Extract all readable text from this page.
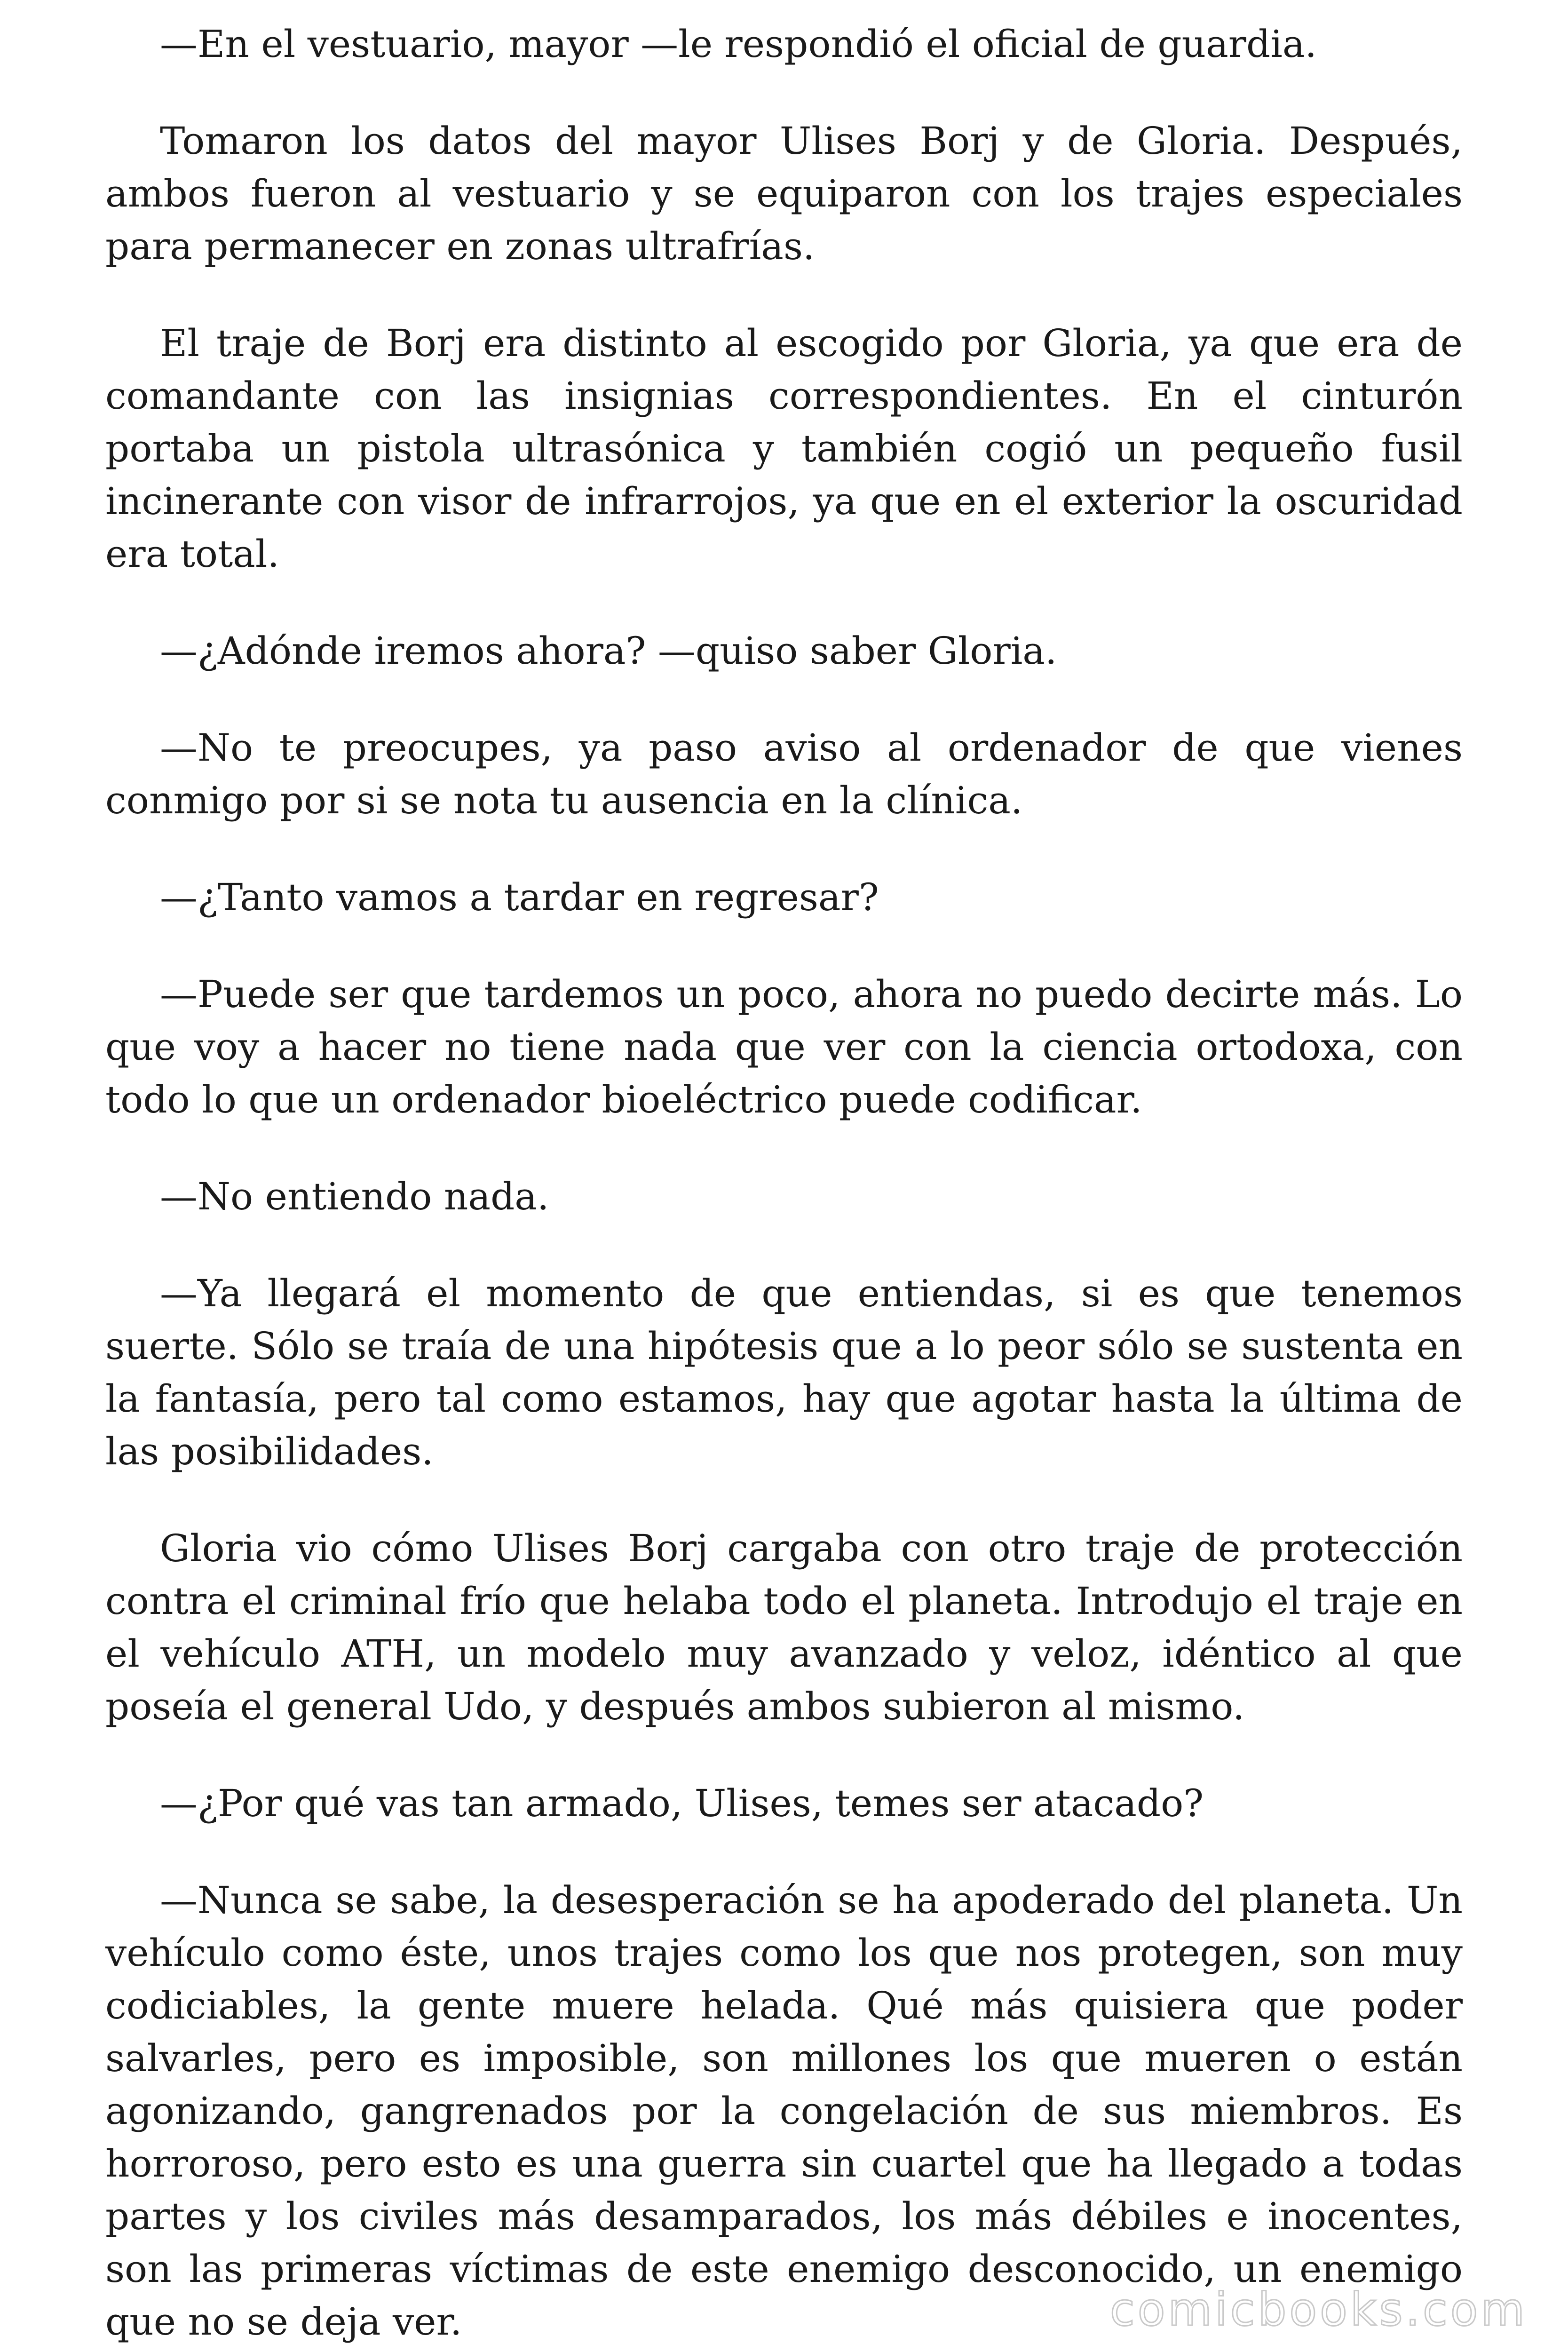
—En el vestuario, mayor —le respondió el oficial de guardia.

Tomaron los datos del mayor Ulises Borj y de Gloria. Después, ambos fueron al vestuario y se equiparon con los trajes especiales para permanecer en zonas ultrafrías.

El traje de Borj era distinto al escogido por Gloria, ya que era de comandante con las insignias correspondientes. En el cinturón portaba un pistola ultrasónica y también cogió un pequeño fusil incinerante con visor de infrarrojos, ya que en el exterior la oscuridad era total.

—¿Adónde iremos ahora? —quiso saber Gloria.

—No te preocupes, ya paso aviso al ordenador de que vienes conmigo por si se nota tu ausencia en la clínica.

—¿Tanto vamos a tardar en regresar?

—Puede ser que tardemos un poco, ahora no puedo decirte más. Lo que voy a hacer no tiene nada que ver con la ciencia ortodoxa, con todo lo que un ordenador bioeléctrico puede codificar.

—No entiendo nada.

—Ya llegará el momento de que entiendas, si es que tenemos suerte. Sólo se traía de una hipótesis que a lo peor sólo se sustenta en la fantasía, pero tal como estamos, hay que agotar hasta la última de las posibilidades.

Gloria vio cómo Ulises Borj cargaba con otro traje de protección contra el criminal frío que helaba todo el planeta. Introdujo el traje en el vehículo ATH, un modelo muy avanzado y veloz, idéntico al que poseía el general Udo, y después ambos subieron al mismo.

—¿Por qué vas tan armado, Ulises, temes ser atacado?

—Nunca se sabe, la desesperación se ha apoderado del planeta. Un vehículo como éste, unos trajes como los que nos protegen, son muy codiciables, la gente muere helada. Qué más quisiera que poder salvarles, pero es imposible, son millones los que mueren o están agonizando, gangrenados por la congelación de sus miembros. Es horroroso, pero esto es una guerra sin cuartel que ha llegado a todas partes y los civiles más desamparados, los más débiles e inocentes, son las primeras víctimas de este enemigo desconocido, un enemigo que no se deja ver.	comicbooks.com
